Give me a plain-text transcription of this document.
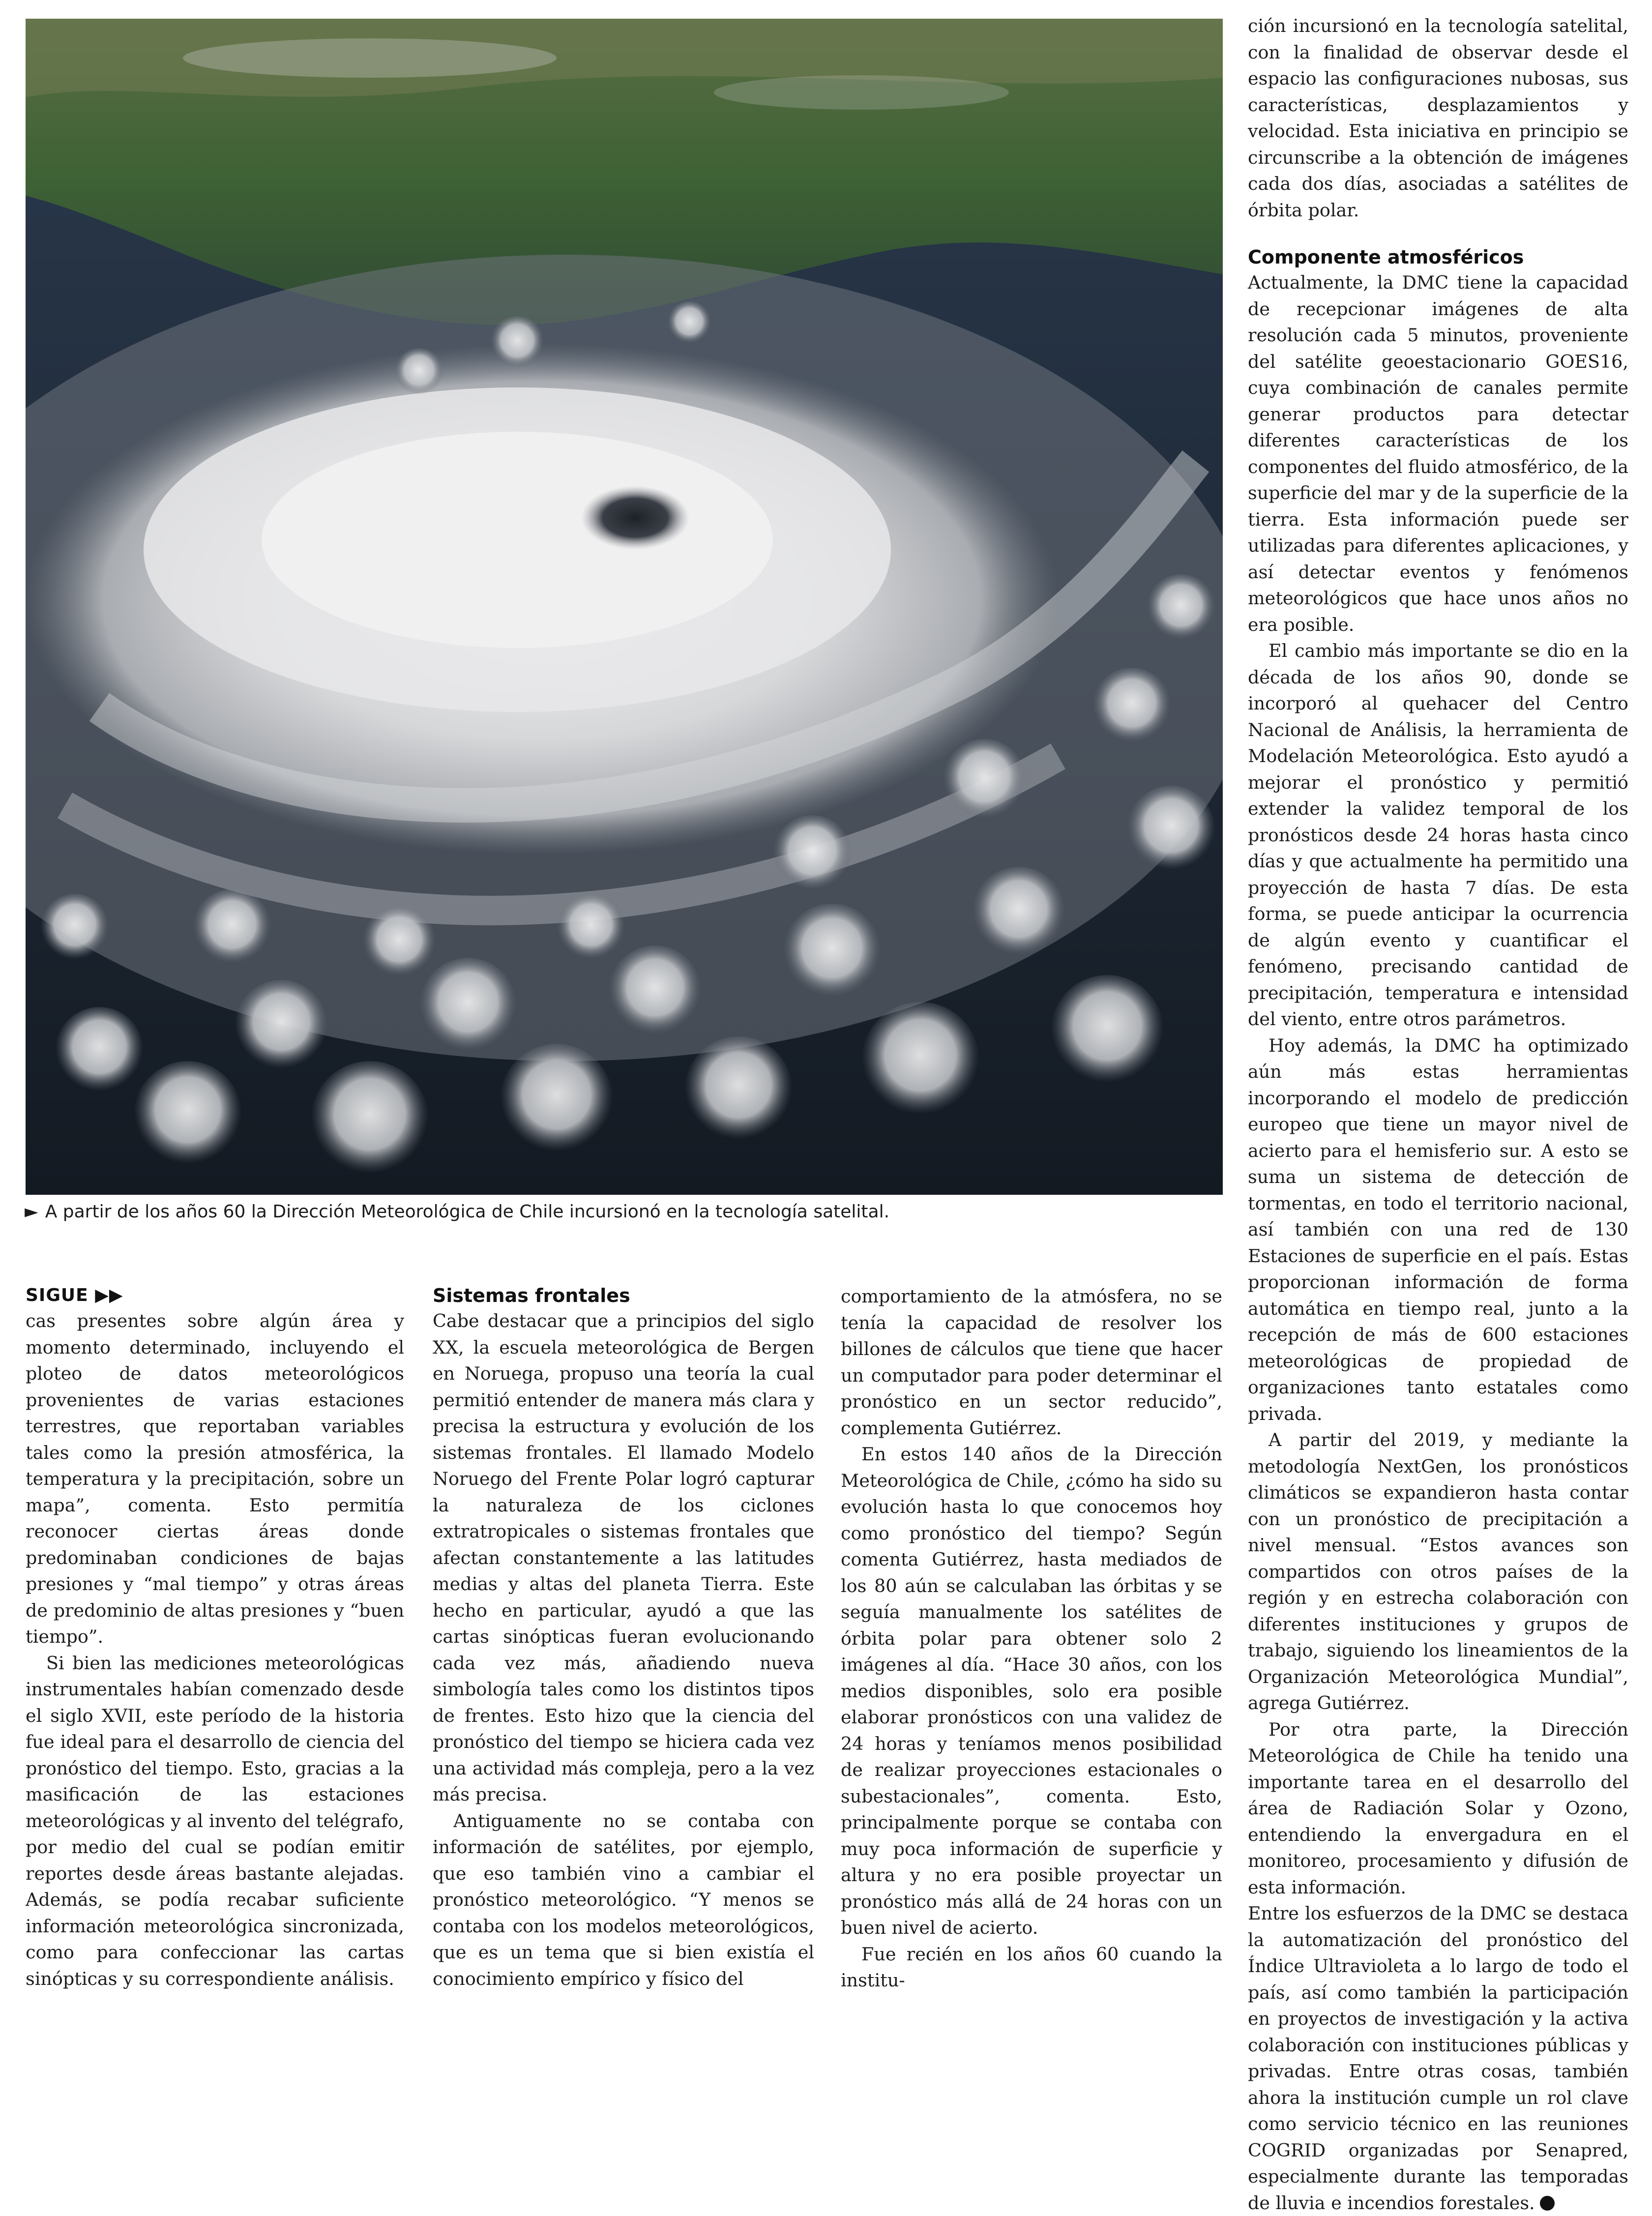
► A partir de los años 60 la Dirección Meteorológica de Chile incursionó en la tecnología satelital.
SIGUE ▶▶

cas presentes sobre algún área y momento determinado, incluyendo el ploteo de datos meteorológicos provenientes de varias estaciones terrestres, que reportaban variables tales como la presión atmosférica, la temperatura y la precipitación, sobre un mapa”, comenta. Esto permitía reconocer ciertas áreas donde predominaban condiciones de bajas presiones y “mal tiempo” y otras áreas de predominio de altas presiones y “buen tiempo”.

Si bien las mediciones meteorológicas instrumentales habían comenzado desde el siglo XVII, este período de la historia fue ideal para el desarrollo de ciencia del pronóstico del tiempo. Esto, gracias a la masificación de las estaciones meteorológicas y al invento del telégrafo, por medio del cual se podían emitir reportes desde áreas bastante alejadas. Además, se podía recabar suficiente información meteorológica sincronizada, como para confeccionar las cartas sinópticas y su correspondiente análisis.

Sistemas frontales

Cabe destacar que a principios del siglo XX, la escuela meteorológica de Bergen en Noruega, propuso una teoría la cual permitió entender de manera más clara y precisa la estructura y evolución de los sistemas frontales. El llamado Modelo Noruego del Frente Polar logró capturar la naturaleza de los ciclones extratropicales o sistemas frontales que afectan constantemente a las latitudes medias y altas del planeta Tierra. Este hecho en particular, ayudó a que las cartas sinópticas fueran evolucionando cada vez más, añadiendo nueva simbología tales como los distintos tipos de frentes. Esto hizo que la ciencia del pronóstico del tiempo se hiciera cada vez una actividad más compleja, pero a la vez más precisa.

Antiguamente no se contaba con información de satélites, por ejemplo, que eso también vino a cambiar el pronóstico meteorológico. “Y menos se contaba con los modelos meteorológicos, que es un tema que si bien existía el conocimiento empírico y físico del

comportamiento de la atmósfera, no se tenía la capacidad de resolver los billones de cálculos que tiene que hacer un computador para poder determinar el pronóstico en un sector reducido”, complementa Gutiérrez.

En estos 140 años de la Dirección Meteorológica de Chile, ¿cómo ha sido su evolución hasta lo que conocemos hoy como pronóstico del tiempo? Según comenta Gutiérrez, hasta mediados de los 80 aún se calculaban las órbitas y se seguía manualmente los satélites de órbita polar para obtener solo 2 imágenes al día. “Hace 30 años, con los medios disponibles, solo era posible elaborar pronósticos con una validez de 24 horas y teníamos menos posibilidad de realizar proyecciones estacionales o subestacionales”, comenta. Esto, principalmente porque se contaba con muy poca información de superficie y altura y no era posible proyectar un pronóstico más allá de 24 horas con un buen nivel de acierto.

Fue recién en los años 60 cuando la institu-

ción incursionó en la tecnología satelital, con la finalidad de observar desde el espacio las configuraciones nubosas, sus características, desplazamientos y velocidad. Esta iniciativa en principio se circunscribe a la obtención de imágenes cada dos días, asociadas a satélites de órbita polar.

Componente atmosféricos

Actualmente, la DMC tiene la capacidad de recepcionar imágenes de alta resolución cada 5 minutos, proveniente del satélite geoestacionario GOES16, cuya combinación de canales permite generar productos para detectar diferentes características de los componentes del fluido atmosférico, de la superficie del mar y de la superficie de la tierra. Esta información puede ser utilizadas para diferentes aplicaciones, y así detectar eventos y fenómenos meteorológicos que hace unos años no era posible.

El cambio más importante se dio en la década de los años 90, donde se incorporó al quehacer del Centro Nacional de Análisis, la herramienta de Modelación Meteorológica. Esto ayudó a mejorar el pronóstico y permitió extender la validez temporal de los pronósticos desde 24 horas hasta cinco días y que actualmente ha permitido una proyección de hasta 7 días. De esta forma, se puede anticipar la ocurrencia de algún evento y cuantificar el fenómeno, precisando cantidad de precipitación, temperatura e intensidad del viento, entre otros parámetros.

Hoy además, la DMC ha optimizado aún más estas herramientas incorporando el modelo de predicción europeo que tiene un mayor nivel de acierto para el hemisferio sur. A esto se suma un sistema de detección de tormentas, en todo el territorio nacional, así también con una red de 130 Estaciones de superficie en el país. Estas proporcionan información de forma automática en tiempo real, junto a la recepción de más de 600 estaciones meteorológicas de propiedad de organizaciones tanto estatales como privada.

A partir del 2019, y mediante la metodología NextGen, los pronósticos climáticos se expandieron hasta contar con un pronóstico de precipitación a nivel mensual. “Estos avances son compartidos con otros países de la región y en estrecha colaboración con diferentes instituciones y grupos de trabajo, siguiendo los lineamientos de la Organización Meteorológica Mundial”, agrega Gutiérrez.

Por otra parte, la Dirección Meteorológica de Chile ha tenido una importante tarea en el desarrollo del área de Radiación Solar y Ozono, entendiendo la envergadura en el monitoreo, procesamiento y difusión de esta información.

Entre los esfuerzos de la DMC se destaca la automatización del pronóstico del Índice Ultravioleta a lo largo de todo el país, así como también la participación en proyectos de investigación y la activa colaboración con instituciones públicas y privadas. Entre otras cosas, también ahora la institución cumple un rol clave como servicio técnico en las reuniones COGRID organizadas por Senapred, especialmente durante las temporadas de lluvia e incendios forestales.
